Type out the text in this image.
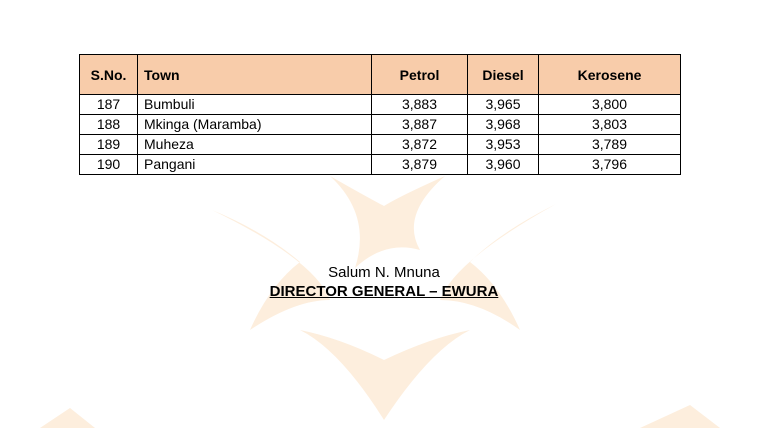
S.No.	Town	Petrol	Diesel	Kerosene
187	Bumbuli	3,883	3,965	3,800
188	Mkinga (Maramba)	3,887	3,968	3,803
189	Muheza	3,872	3,953	3,789
190	Pangani	3,879	3,960	3,796
Salum N. Mnuna
DIRECTOR GENERAL – EWURA
